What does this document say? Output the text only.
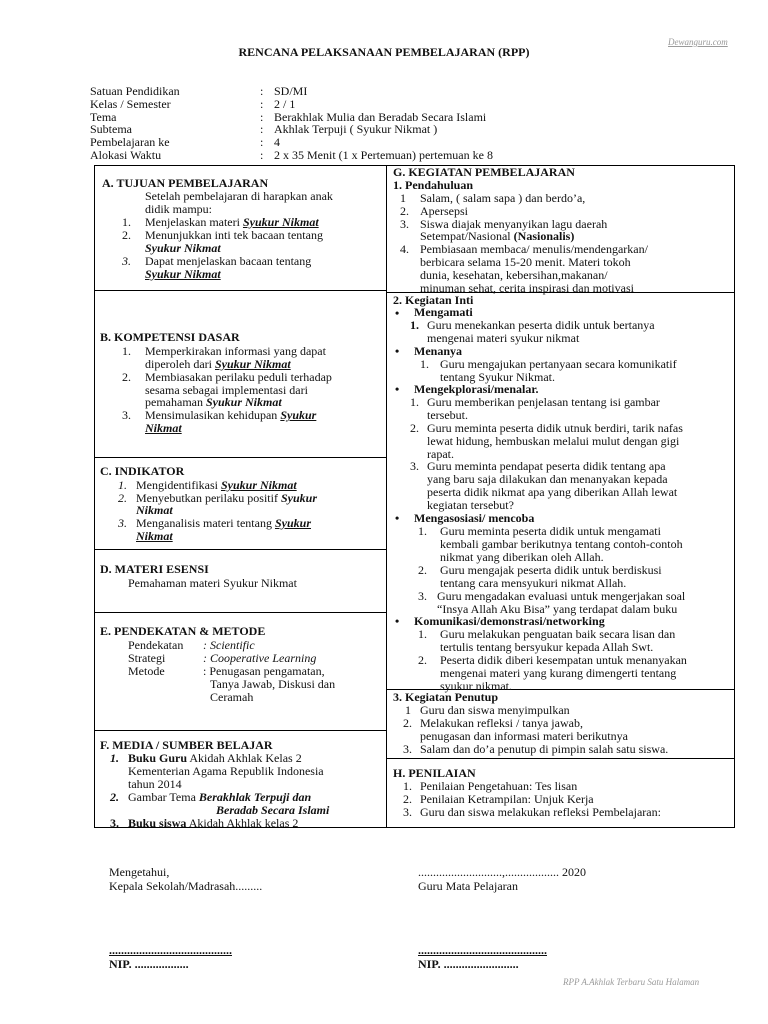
Dewanguru.com
RENCANA PELAKSANAAN PEMBELAJARAN (RPP)
Satuan Pendidikan	: SD/MI
Kelas / Semester	: 2 / 1
Tema	: Berakhlak Mulia dan Beradab Secara Islami
Subtema	: Akhlak Terpuji ( Syukur Nikmat )
Pembelajaran ke	: 4
Alokasi Waktu	: 2 x 35 Menit (1 x Pertemuan) pertemuan ke 8
A. TUJUAN PEMBELAJARAN
Setelah pembelajaran di harapkan anak
didik mampu:
1. Menjelaskan materi Syukur Nikmat
2. Menunjukkan inti tek bacaan tentang
Syukur Nikmat
3. Dapat menjelaskan bacaan tentang
Syukur Nikmat
B. KOMPETENSI DASAR
1. Memperkirakan informasi yang dapat
diperoleh dari Syukur Nikmat
2. Membiasakan perilaku peduli terhadap
sesama sebagai implementasi dari
pemahaman Syukur Nikmat
3. Mensimulasikan kehidupan Syukur
Nikmat
C. INDIKATOR
1. Mengidentifikasi Syukur Nikmat
2. Menyebutkan perilaku positif Syukur
Nikmat
3. Menganalisis materi tentang Syukur
Nikmat
D. MATERI ESENSI
Pemahaman materi Syukur Nikmat
E. PENDEKATAN & METODE
Pendekatan : Scientific
Strategi	: Cooperative Learning
Metode	: Penugasan pengamatan,
Tanya Jawab, Diskusi dan
Ceramah
F. MEDIA / SUMBER BELAJAR
1. Buku Guru Akidah Akhlak Kelas 2
Kementerian Agama Republik Indonesia
tahun 2014
2. Gambar Tema Berakhlak Terpuji dan
Beradab Secara Islami
3. Buku siswa Akidah Akhlak kelas 2
G. KEGIATAN PEMBELAJARAN
1. Pendahuluan
1 Salam, ( salam sapa ) dan berdo’a,
2. Apersepsi
3. Siswa diajak menyanyikan lagu daerah
Setempat/Nasional (Nasionalis)
4. Pembiasaan membaca/ menulis/mendengarkan/
berbicara selama 15-20 menit. Materi tokoh
dunia, kesehatan, kebersihan,makanan/
minuman sehat, cerita inspirasi dan motivasi
2. Kegiatan Inti
• Mengamati
1. Guru menekankan peserta didik untuk bertanya
mengenai materi syukur nikmat
• Menanya
1. Guru mengajukan pertanyaan secara komunikatif
tentang Syukur Nikmat.
• Mengekplorasi/menalar.
1. Guru memberikan penjelasan tentang isi gambar
tersebut.
2. Guru meminta peserta didik utnuk berdiri, tarik nafas
lewat hidung, hembuskan melalui mulut dengan gigi
rapat.
3. Guru meminta pendapat peserta didik tentang apa
yang baru saja dilakukan dan menanyakan kepada
peserta didik nikmat apa yang diberikan Allah lewat
kegiatan tersebut?
• Mengasosiasi/ mencoba
1. Guru meminta peserta didik untuk mengamati
kembali gambar berikutnya tentang contoh-contoh
nikmat yang diberikan oleh Allah.
2. Guru mengajak peserta didik untuk berdiskusi
tentang cara mensyukuri nikmat Allah.
3. Guru mengadakan evaluasi untuk mengerjakan soal
“Insya Allah Aku Bisa” yang terdapat dalam buku
• Komunikasi/demonstrasi/networking
1. Guru melakukan penguatan baik secara lisan dan
tertulis tentang bersyukur kepada Allah Swt.
2. Peserta didik diberi kesempatan untuk menanyakan
mengenai materi yang kurang dimengerti tentang
syukur nikmat.
3. Kegiatan Penutup
1 Guru dan siswa menyimpulkan
2. Melakukan refleksi / tanya jawab,
penugasan dan informasi materi berikutnya
3. Salam dan do’a penutup di pimpin salah satu siswa.
H. PENILAIAN
1. Penilaian Pengetahuan: Tes lisan
2. Penilaian Ketrampilan: Unjuk Kerja
3. Guru dan siswa melakukan refleksi Pembelajaran:
Mengetahui,
Kepala Sekolah/Madrasah.........
............................,.................. 2020
Guru Mata Pelajaran
.........................................
NIP. ..................
...........................................
NIP. .........................
RPP A.Akhlak Terbaru Satu Halaman
